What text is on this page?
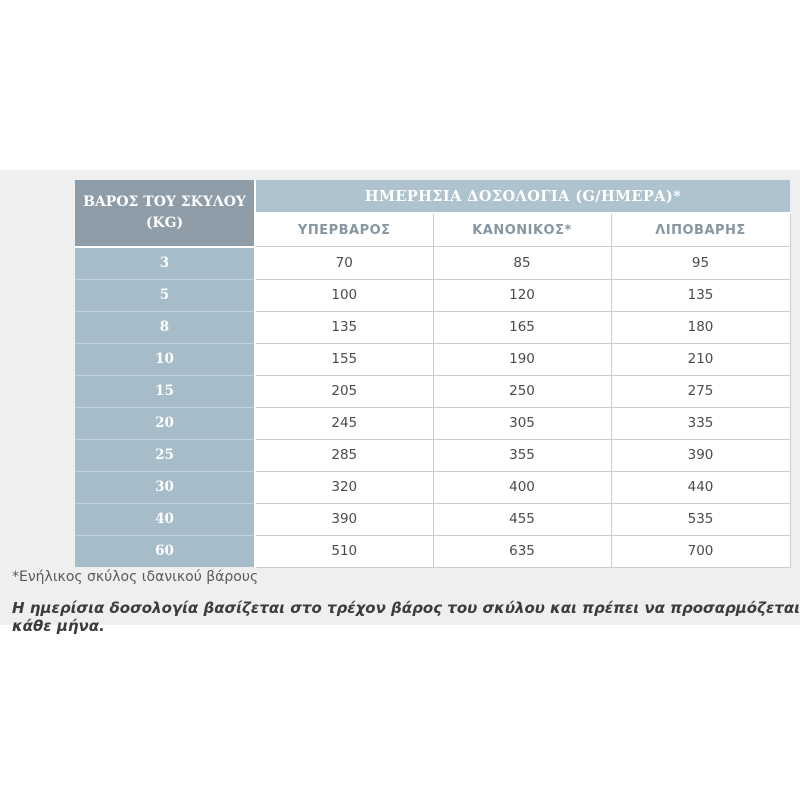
ΒΑΡΟΣ ΤΟΥ ΣΚΥΛΟΥ
(KG)	ΗΜΕΡΗΣΙΑ ΔΟΣΟΛΟΓΙΑ (G/ΗΜΕΡΑ)*		
	ΥΠΕΡΒΑΡΟΣ	ΚΑΝΟΝΙΚΟΣ*	ΛΙΠΟΒΑΡΗΣ
3	70	85	95
5	100	120	135
8	135	165	180
10	155	190	210
15	205	250	275
20	245	305	335
25	285	355	390
30	320	400	440
40	390	455	535
60	510	635	700
*Ενήλικος σκύλος ιδανικού βάρους
Η ημερίσια δοσολογία βασίζεται στο τρέχον βάρος του σκύλου και πρέπει να προσαρμόζεται κάθε μήνα.
